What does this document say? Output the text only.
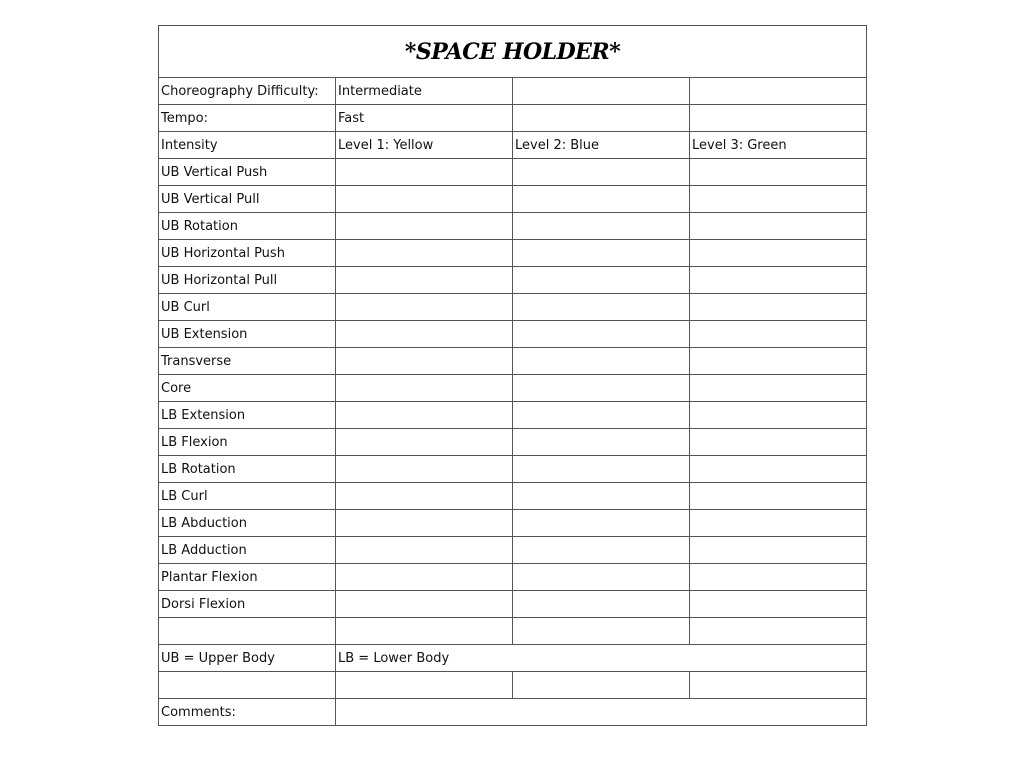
*SPACE HOLDER*			
Choreography Difficulty:	Intermediate		
Tempo:	Fast		
Intensity	Level 1: Yellow	Level 2: Blue	Level 3: Green
UB Vertical Push			
UB Vertical Pull			
UB Rotation			
UB Horizontal Push			
UB Horizontal Pull			
UB Curl			
UB Extension			
Transverse			
Core			
LB Extension			
LB Flexion			
LB Rotation			
LB Curl			
LB Abduction			
LB Adduction			
Plantar Flexion			
Dorsi Flexion			

UB = Upper Body	LB = Lower Body		

Comments:			
